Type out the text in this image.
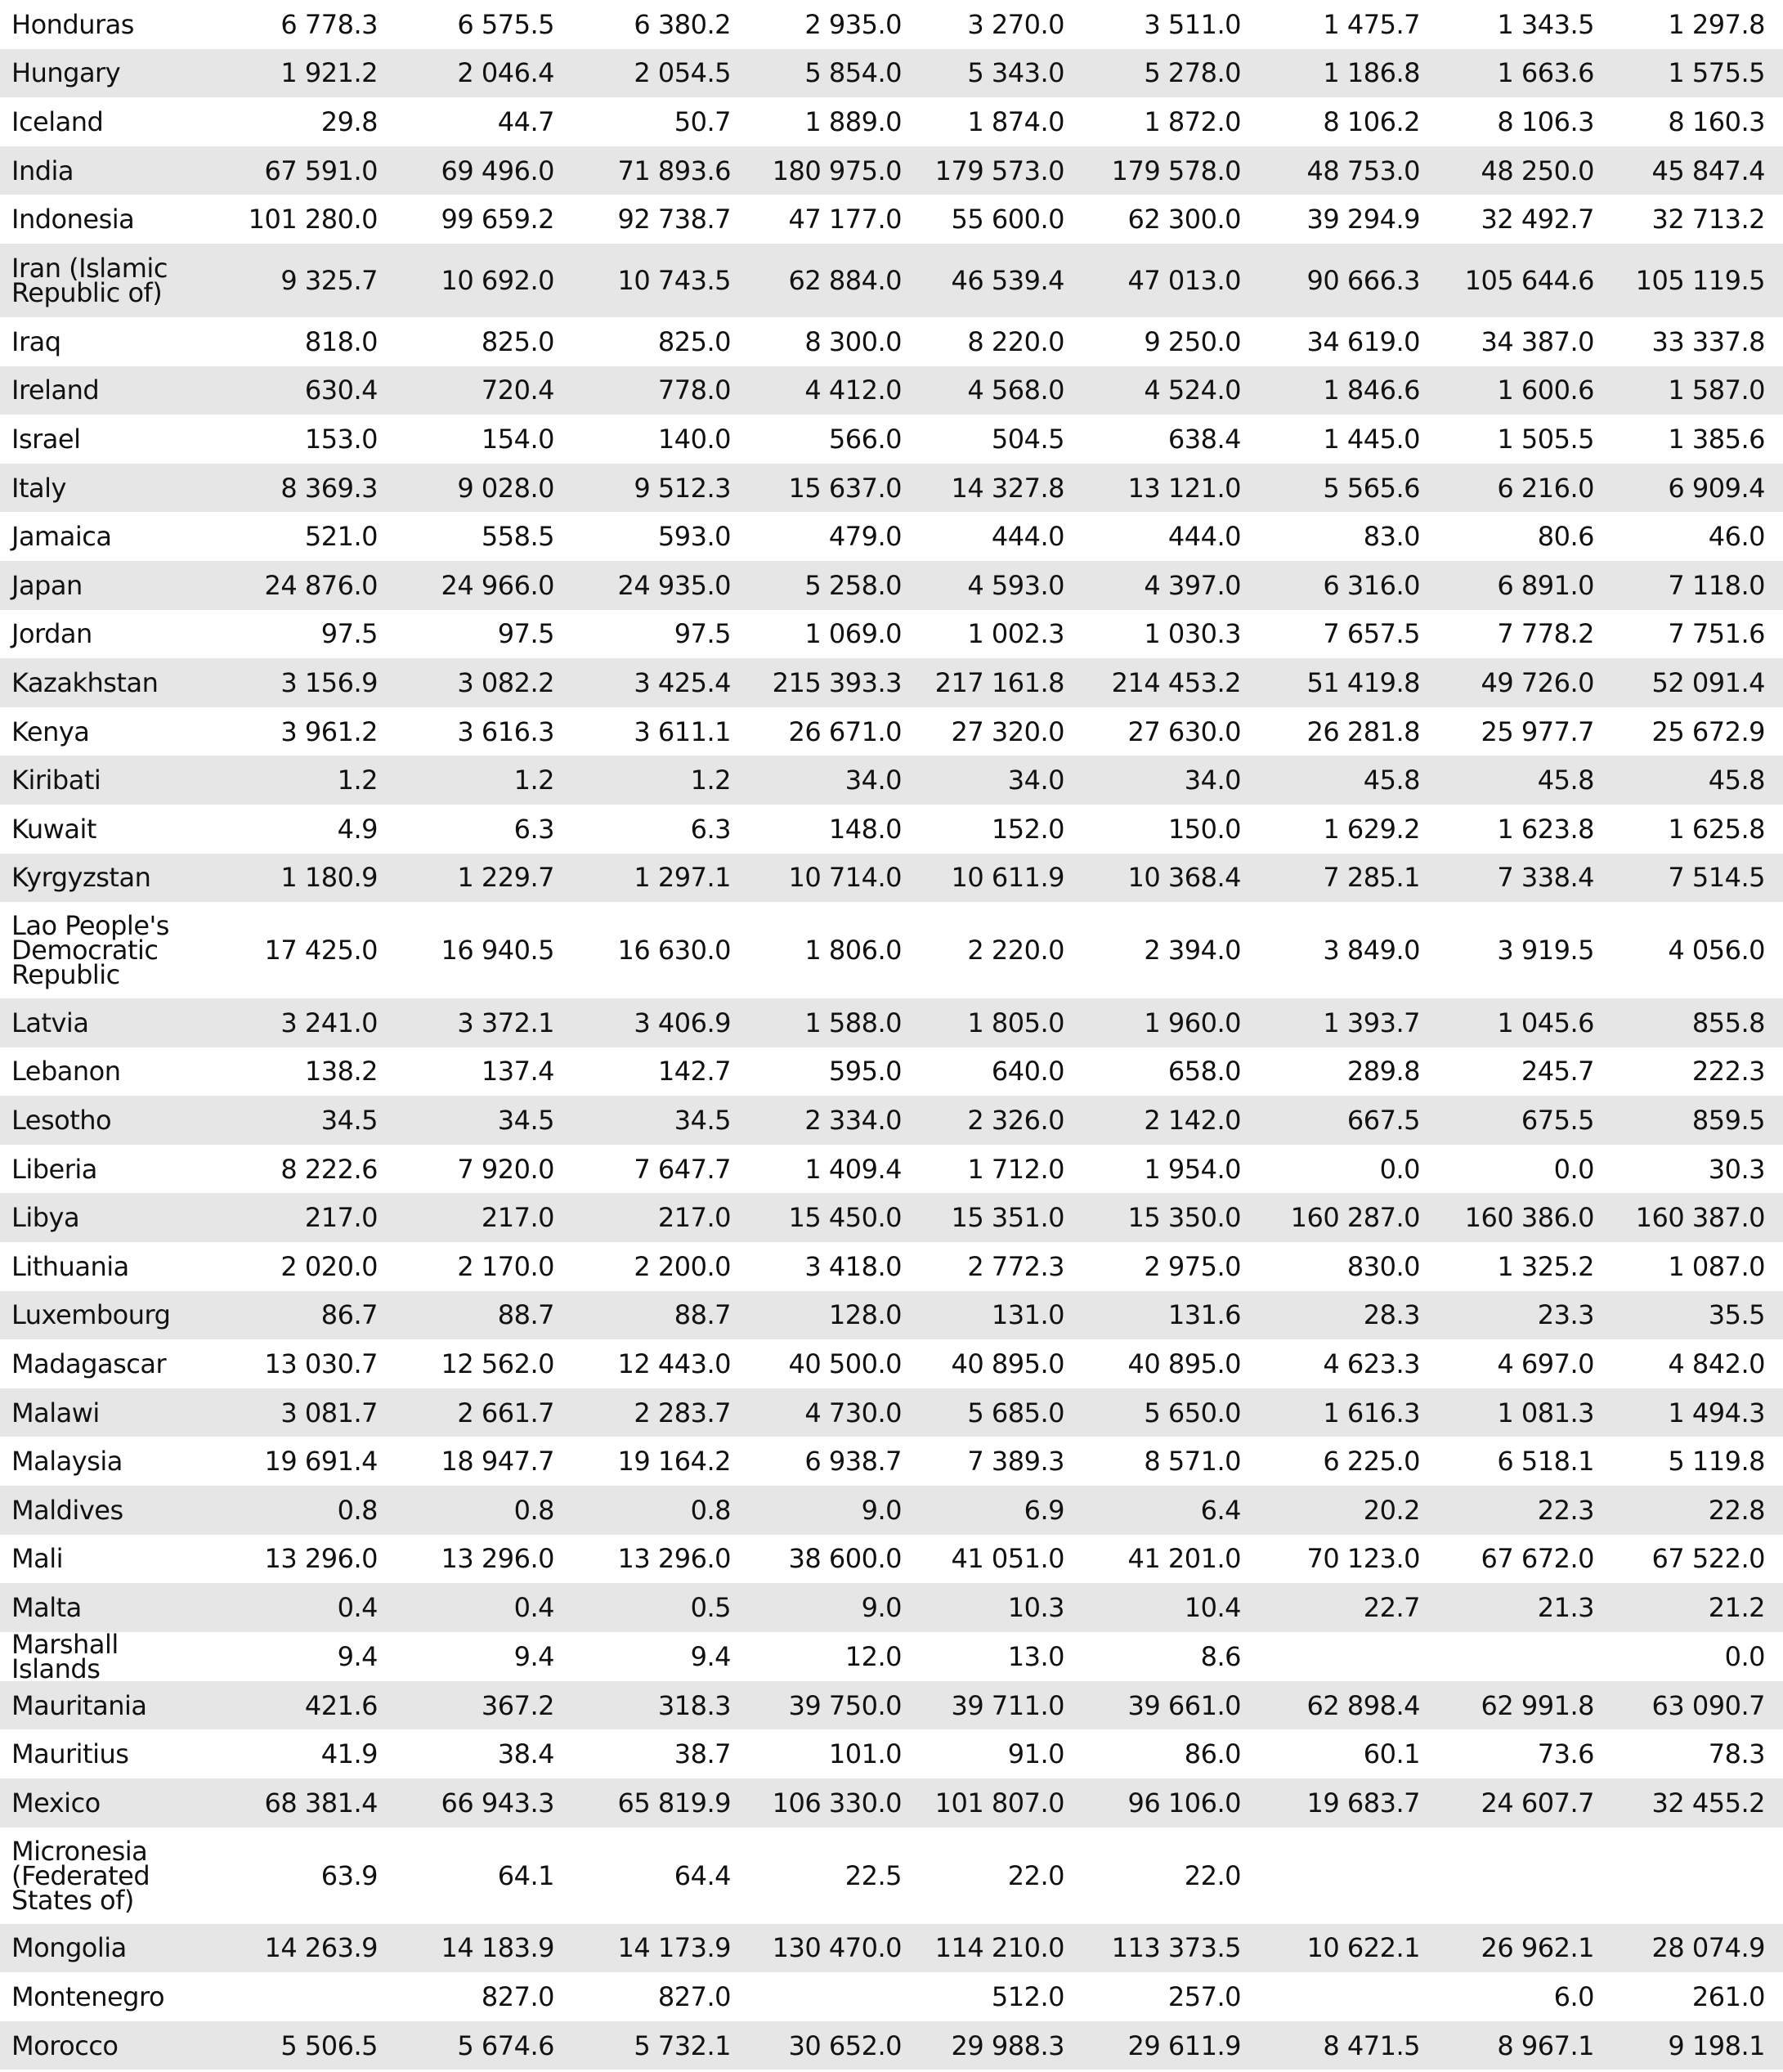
Honduras	6 778.3	6 575.5	6 380.2	2 935.0	3 270.0	3 511.0	1 475.7	1 343.5	1 297.8
Hungary	1 921.2	2 046.4	2 054.5	5 854.0	5 343.0	5 278.0	1 186.8	1 663.6	1 575.5
Iceland	29.8	44.7	50.7	1 889.0	1 874.0	1 872.0	8 106.2	8 106.3	8 160.3
India	67 591.0	69 496.0	71 893.6	180 975.0	179 573.0	179 578.0	48 753.0	48 250.0	45 847.4
Indonesia	101 280.0	99 659.2	92 738.7	47 177.0	55 600.0	62 300.0	39 294.9	32 492.7	32 713.2
Iran (Islamic Republic of)	9 325.7	10 692.0	10 743.5	62 884.0	46 539.4	47 013.0	90 666.3	105 644.6	105 119.5
Iraq	818.0	825.0	825.0	8 300.0	8 220.0	9 250.0	34 619.0	34 387.0	33 337.8
Ireland	630.4	720.4	778.0	4 412.0	4 568.0	4 524.0	1 846.6	1 600.6	1 587.0
Israel	153.0	154.0	140.0	566.0	504.5	638.4	1 445.0	1 505.5	1 385.6
Italy	8 369.3	9 028.0	9 512.3	15 637.0	14 327.8	13 121.0	5 565.6	6 216.0	6 909.4
Jamaica	521.0	558.5	593.0	479.0	444.0	444.0	83.0	80.6	46.0
Japan	24 876.0	24 966.0	24 935.0	5 258.0	4 593.0	4 397.0	6 316.0	6 891.0	7 118.0
Jordan	97.5	97.5	97.5	1 069.0	1 002.3	1 030.3	7 657.5	7 778.2	7 751.6
Kazakhstan	3 156.9	3 082.2	3 425.4	215 393.3	217 161.8	214 453.2	51 419.8	49 726.0	52 091.4
Kenya	3 961.2	3 616.3	3 611.1	26 671.0	27 320.0	27 630.0	26 281.8	25 977.7	25 672.9
Kiribati	1.2	1.2	1.2	34.0	34.0	34.0	45.8	45.8	45.8
Kuwait	4.9	6.3	6.3	148.0	152.0	150.0	1 629.2	1 623.8	1 625.8
Kyrgyzstan	1 180.9	1 229.7	1 297.1	10 714.0	10 611.9	10 368.4	7 285.1	7 338.4	7 514.5
Lao People's Democratic Republic	17 425.0	16 940.5	16 630.0	1 806.0	2 220.0	2 394.0	3 849.0	3 919.5	4 056.0
Latvia	3 241.0	3 372.1	3 406.9	1 588.0	1 805.0	1 960.0	1 393.7	1 045.6	855.8
Lebanon	138.2	137.4	142.7	595.0	640.0	658.0	289.8	245.7	222.3
Lesotho	34.5	34.5	34.5	2 334.0	2 326.0	2 142.0	667.5	675.5	859.5
Liberia	8 222.6	7 920.0	7 647.7	1 409.4	1 712.0	1 954.0	0.0	0.0	30.3
Libya	217.0	217.0	217.0	15 450.0	15 351.0	15 350.0	160 287.0	160 386.0	160 387.0
Lithuania	2 020.0	2 170.0	2 200.0	3 418.0	2 772.3	2 975.0	830.0	1 325.2	1 087.0
Luxembourg	86.7	88.7	88.7	128.0	131.0	131.6	28.3	23.3	35.5
Madagascar	13 030.7	12 562.0	12 443.0	40 500.0	40 895.0	40 895.0	4 623.3	4 697.0	4 842.0
Malawi	3 081.7	2 661.7	2 283.7	4 730.0	5 685.0	5 650.0	1 616.3	1 081.3	1 494.3
Malaysia	19 691.4	18 947.7	19 164.2	6 938.7	7 389.3	8 571.0	6 225.0	6 518.1	5 119.8
Maldives	0.8	0.8	0.8	9.0	6.9	6.4	20.2	22.3	22.8
Mali	13 296.0	13 296.0	13 296.0	38 600.0	41 051.0	41 201.0	70 123.0	67 672.0	67 522.0
Malta	0.4	0.4	0.5	9.0	10.3	10.4	22.7	21.3	21.2
Marshall Islands	9.4	9.4	9.4	12.0	13.0	8.6			0.0
Mauritania	421.6	367.2	318.3	39 750.0	39 711.0	39 661.0	62 898.4	62 991.8	63 090.7
Mauritius	41.9	38.4	38.7	101.0	91.0	86.0	60.1	73.6	78.3
Mexico	68 381.4	66 943.3	65 819.9	106 330.0	101 807.0	96 106.0	19 683.7	24 607.7	32 455.2
Micronesia (Federated States of)	63.9	64.1	64.4	22.5	22.0	22.0			
Mongolia	14 263.9	14 183.9	14 173.9	130 470.0	114 210.0	113 373.5	10 622.1	26 962.1	28 074.9
Montenegro		827.0	827.0		512.0	257.0		6.0	261.0
Morocco	5 506.5	5 674.6	5 732.1	30 652.0	29 988.3	29 611.9	8 471.5	8 967.1	9 198.1
